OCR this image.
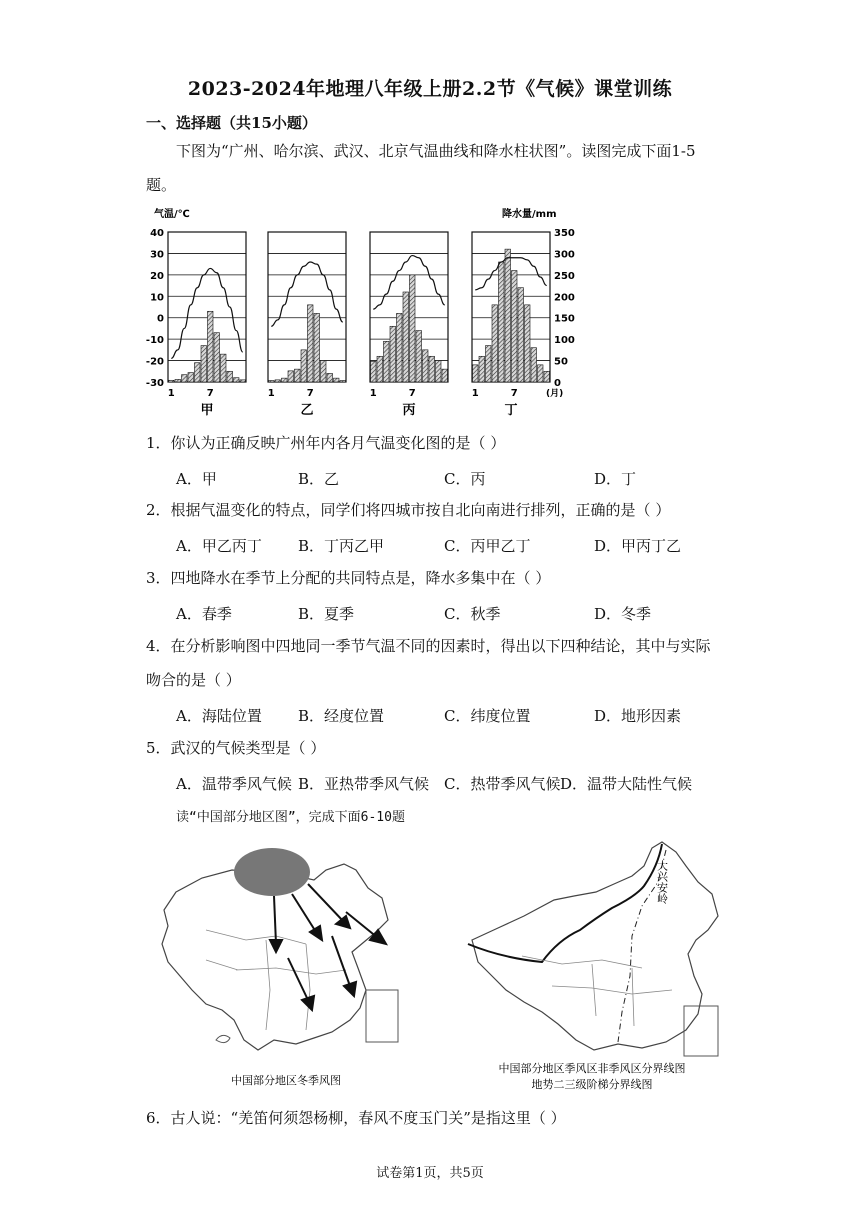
2023-2024年地理八年级上册2.2节《气候》课堂训练
一、选择题（共15小题）
下图为“广州、哈尔滨、武汉、北京气温曲线和降水柱状图”。读图完成下面1-5
题。
气温/℃
40
30
20
10
0
-10
-20
-30
降水量/mm
350
300
250
200
150
100
50
0
1	7
甲
1	7
乙
1	7
丙
1	7
丁
(月)
1．你认为正确反映广州年内各月气温变化图的是（ ）
A．甲	B．乙	C．丙	D．丁
2．根据气温变化的特点，同学们将四城市按自北向南进行排列，正确的是（ ）
A．甲乙丙丁 B．丁丙乙甲	C．丙甲乙丁	D．甲丙丁乙
3．四地降水在季节上分配的共同特点是，降水多集中在（ ）
A．春季	B．夏季	C．秋季	D．冬季
4．在分析影响图中四地同一季节气温不同的因素时，得出以下四种结论，其中与实际
吻合的是（ ）
A．海陆位置 B．经度位置	C．纬度位置	D．地形因素
5．武汉的气候类型是（ ）
A．温带季风气候 B．亚热带季风气候 C．热带季风气候 D．温带大陆性气候
读“中国部分地区图”，完成下面6-10题
中国部分地区冬季风图
大兴安岭
中国部分地区季风区非季风区分界线图
地势二三级阶梯分界线图
6．古人说：“羌笛何须怨杨柳，春风不度玉门关”是指这里（ ）
试卷第1页，共5页
